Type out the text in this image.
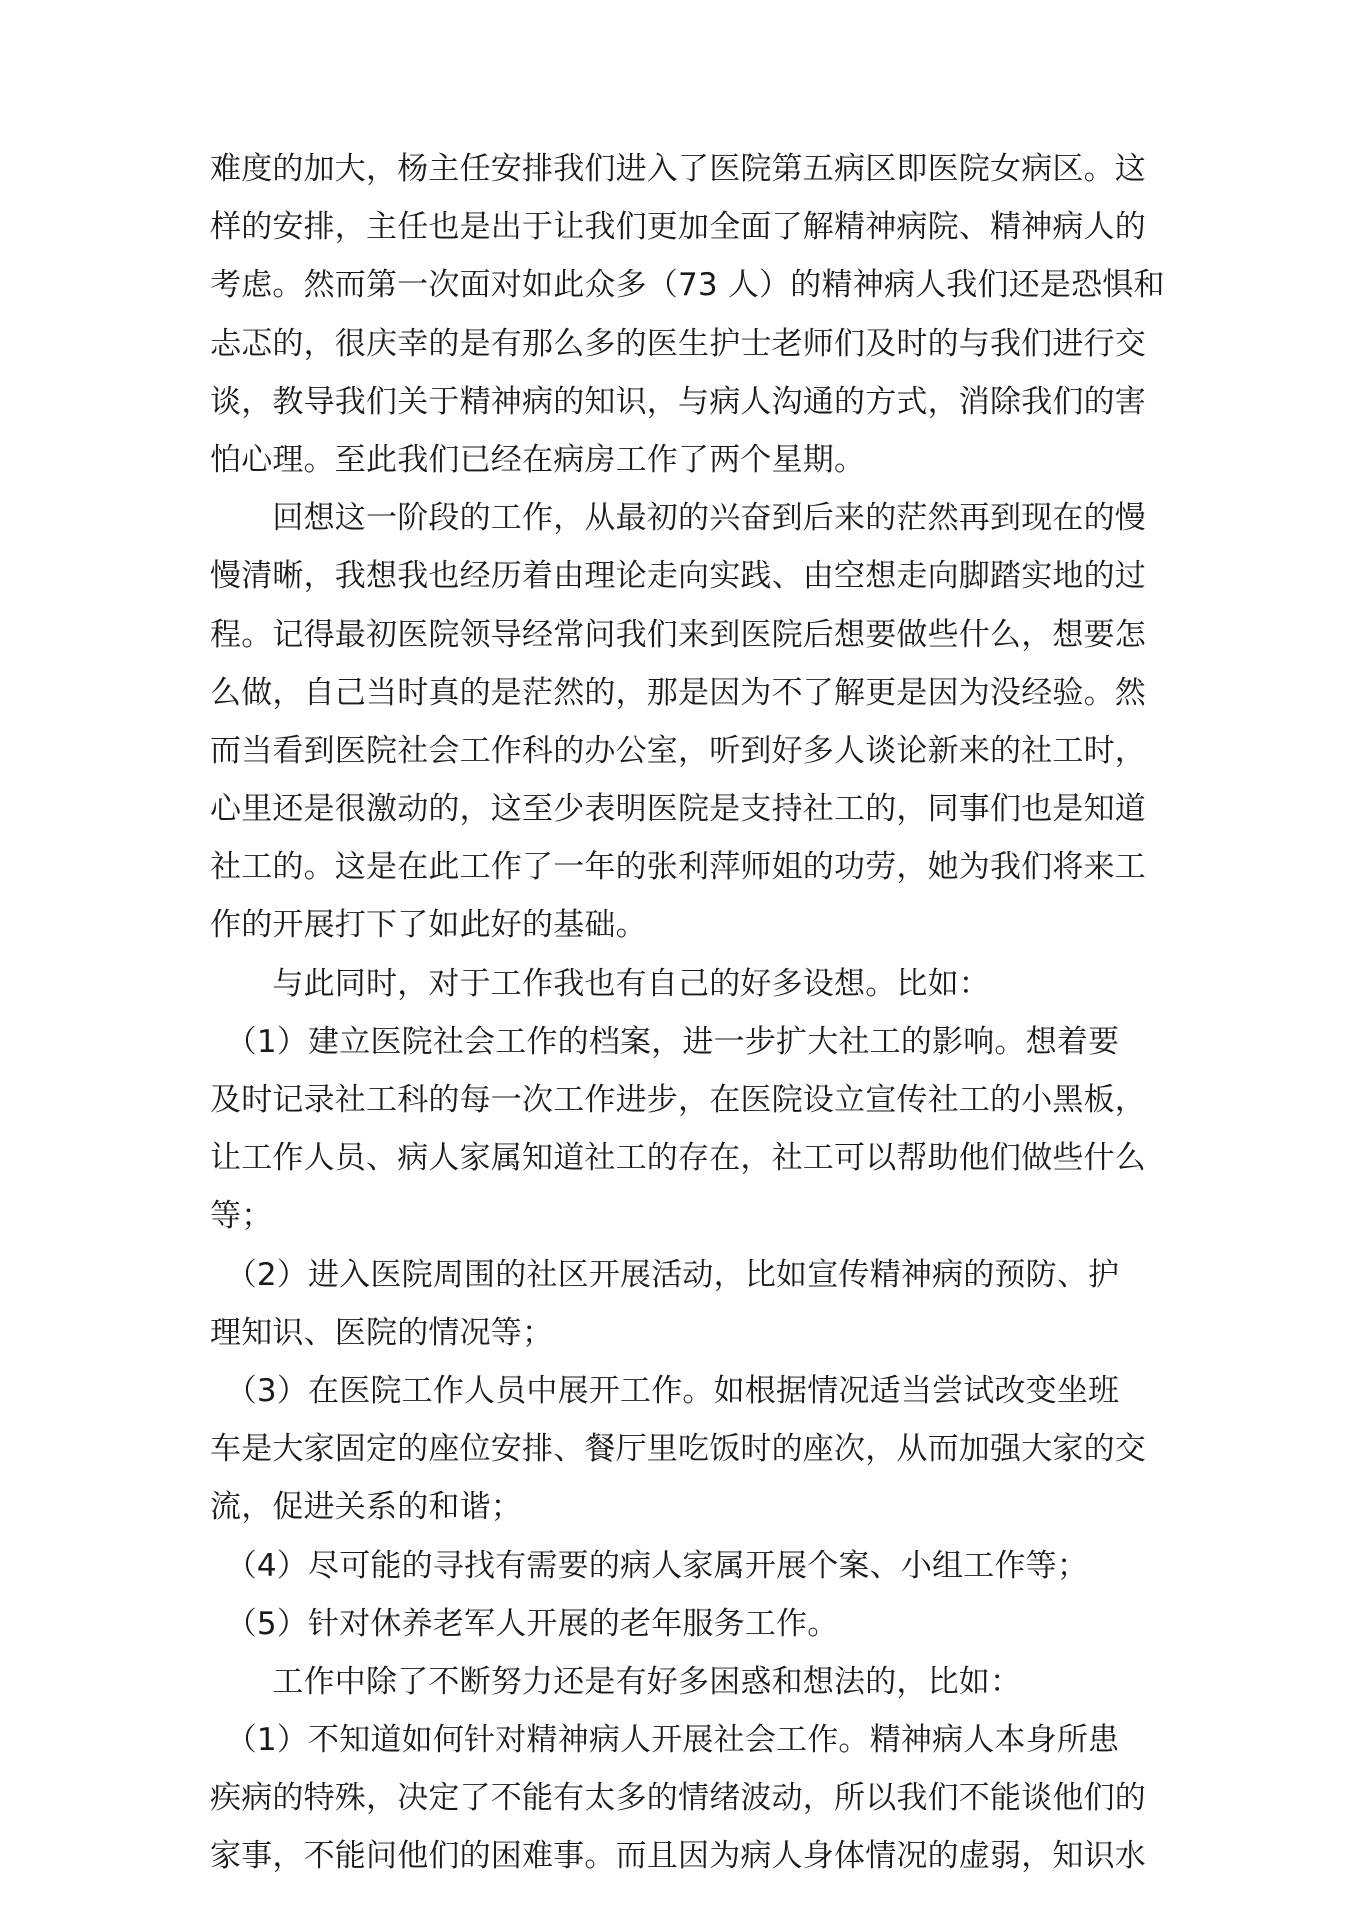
难度的加大，杨主任安排我们进入了医院第五病区即医院女病区。这
样的安排，主任也是出于让我们更加全面了解精神病院、精神病人的
考虑。然而第一次面对如此众多（73 人）的精神病人我们还是恐惧和
忐忑的，很庆幸的是有那么多的医生护士老师们及时的与我们进行交
谈，教导我们关于精神病的知识，与病人沟通的方式，消除我们的害
怕心理。至此我们已经在病房工作了两个星期。
　　回想这一阶段的工作，从最初的兴奋到后来的茫然再到现在的慢
慢清晰，我想我也经历着由理论走向实践、由空想走向脚踏实地的过
程。记得最初医院领导经常问我们来到医院后想要做些什么，想要怎
么做，自己当时真的是茫然的，那是因为不了解更是因为没经验。然
而当看到医院社会工作科的办公室，听到好多人谈论新来的社工时，
心里还是很激动的，这至少表明医院是支持社工的，同事们也是知道
社工的。这是在此工作了一年的张利萍师姐的功劳，她为我们将来工
作的开展打下了如此好的基础。
　　与此同时，对于工作我也有自己的好多设想。比如：
　（1）建立医院社会工作的档案，进一步扩大社工的影响。想着要
及时记录社工科的每一次工作进步，在医院设立宣传社工的小黑板，
让工作人员、病人家属知道社工的存在，社工可以帮助他们做些什么
等；
　（2）进入医院周围的社区开展活动，比如宣传精神病的预防、护
理知识、医院的情况等；
　（3）在医院工作人员中展开工作。如根据情况适当尝试改变坐班
车是大家固定的座位安排、餐厅里吃饭时的座次，从而加强大家的交
流，促进关系的和谐；
　（4）尽可能的寻找有需要的病人家属开展个案、小组工作等；
　（5）针对休养老军人开展的老年服务工作。
　　工作中除了不断努力还是有好多困惑和想法的，比如：
　（1）不知道如何针对精神病人开展社会工作。精神病人本身所患
疾病的特殊，决定了不能有太多的情绪波动，所以我们不能谈他们的
家事，不能问他们的困难事。而且因为病人身体情况的虚弱，知识水
